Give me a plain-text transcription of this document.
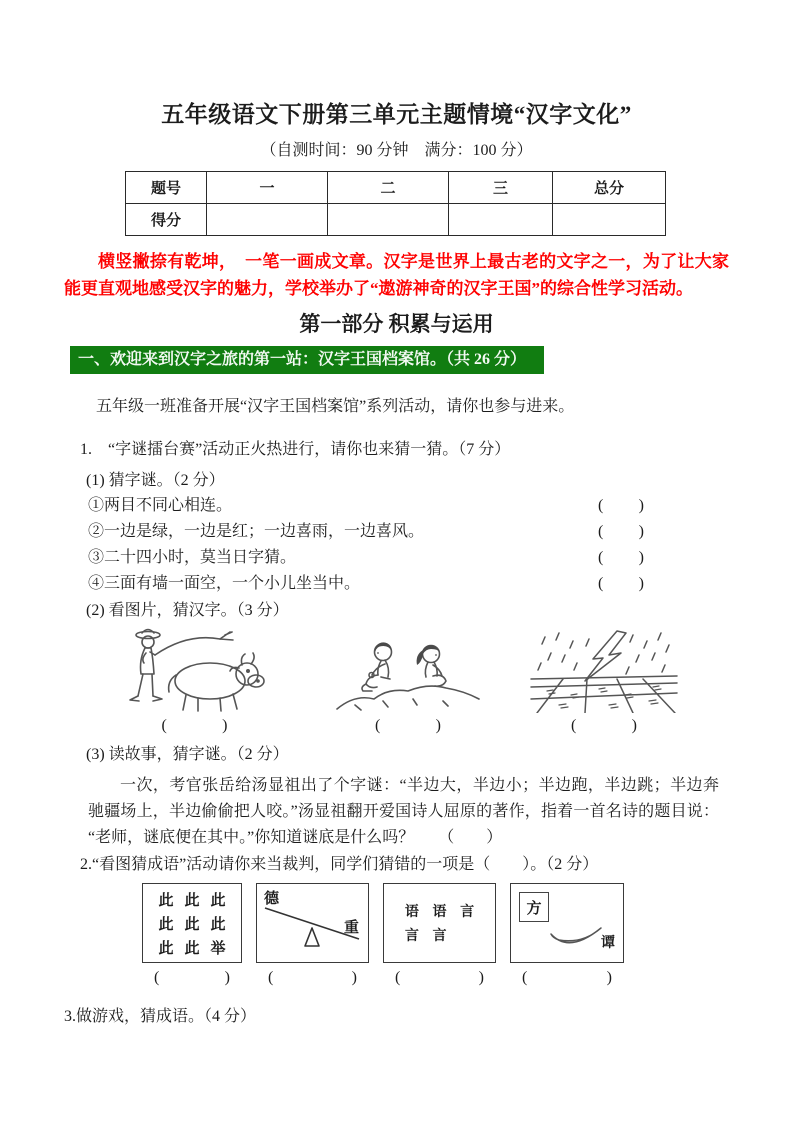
五年级语文下册第三单元主题情境“汉字文化”
（自测时间：90 分钟　满分：100 分）
题号	一	二	三	总分
得分				

横竖撇捺有乾坤，　一笔一画成文章。汉字是世界上最古老的文字之一，为了让大家能更直观地感受汉字的魅力，学校举办了“遨游神奇的汉字王国”的综合性学习活动。

第一部分 积累与运用
一、欢迎来到汉字之旅的第一站：汉字王国档案馆。（共 26 分）

五年级一班准备开展“汉字王国档案馆”系列活动，请你也参与进来。

1.　“字谜擂台赛”活动正火热进行，请你也来猜一猜。（7 分）
(1) 猜字谜。（2 分）
①两目不同心相连。	( )
②一边是绿，一边是红；一边喜雨，一边喜风。	( )
③二十四小时，莫当日字猜。	( )
④三面有墙一面空，一个小儿坐当中。	( )
(2) 看图片，猜汉字。（3 分）
(	)	(	)	(	)
(3) 读故事，猜字谜。（2 分）

一次，考官张岳给汤显祖出了个字谜：“半边大，半边小；半边跑，半边跳；半边奔驰疆场上，半边偷偷把人咬。”汤显祖翻开爱国诗人屈原的著作，指着一首名诗的题目说：“老师，谜底便在其中。”你知道谜底是什么吗？　　（　　）

2.“看图猜成语”活动请你来当裁判，同学们猜错的一项是（　　）。（2 分）
此 此 此
此 此 此
此 此 举
(	)
德
重
(	)
语 语 言
言 言
(	)
方
谭
(	)
3.做游戏，猜成语。（4 分）
